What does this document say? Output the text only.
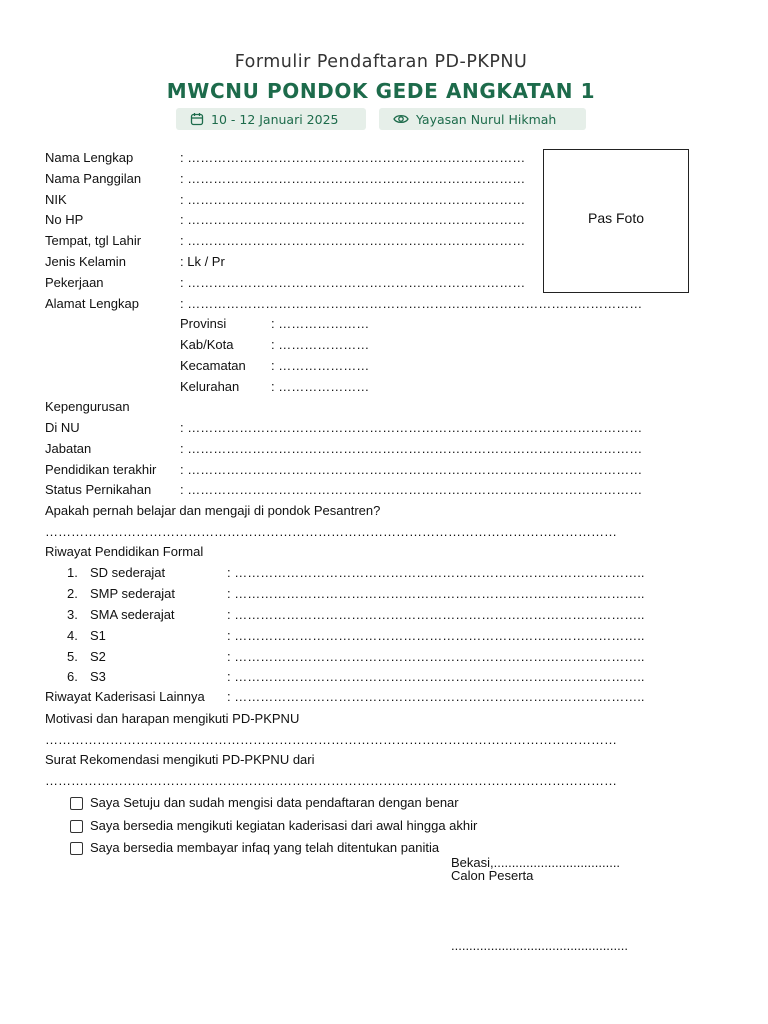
Formulir Pendaftaran PD-PKPNU
MWCNU PONDOK GEDE ANGKATAN 1
10 - 12 Januari 2025	Yayasan Nurul Hikmah
Pas Foto
Nama Lengkap	: ……………………………………………………………………
Nama Panggilan	: ……………………………………………………………………
NIK	: ……………………………………………………………………
No HP	: ……………………………………………………………………
Tempat, tgl Lahir	: ……………………………………………………………………
Jenis Kelamin	: Lk / Pr
Pekerjaan	: ……………………………………………………………………
Alamat Lengkap	: ……………………………………………………………………………………………
Provinsi	: …………………
Kab/Kota	: …………………
Kecamatan : …………………
Kelurahan : …………………
Kepengurusan
Di NU	: ……………………………………………………………………………………………
Jabatan	: ……………………………………………………………………………………………
Pendidikan terakhir : ……………………………………………………………………………………………
Status Pernikahan : ……………………………………………………………………………………………
Apakah pernah belajar dan mengaji di pondok Pesantren?
……………………………………………………………………………………………………………………
Riwayat Pendidikan Formal
1. SD sederajat	: …………………………………………………………………………………..
2. SMP sederajat	: …………………………………………………………………………………..
3. SMA sederajat	: …………………………………………………………………………………..
4. S1	: …………………………………………………………………………………..
5. S2	: …………………………………………………………………………………..
6. S3	: …………………………………………………………………………………..
Riwayat Kaderisasi Lainnya : …………………………………………………………………………………..
Motivasi dan harapan mengikuti PD-PKPNU
……………………………………………………………………………………………………………………
Surat Rekomendasi mengikuti PD-PKPNU dari
……………………………………………………………………………………………………………………
Saya Setuju dan sudah mengisi data pendaftaran dengan benar
Saya bersedia mengikuti kegiatan kaderisasi dari awal hingga akhir
Saya bersedia membayar infaq yang telah ditentukan panitia
Bekasi,...................................
Calon Peserta
.................................................
